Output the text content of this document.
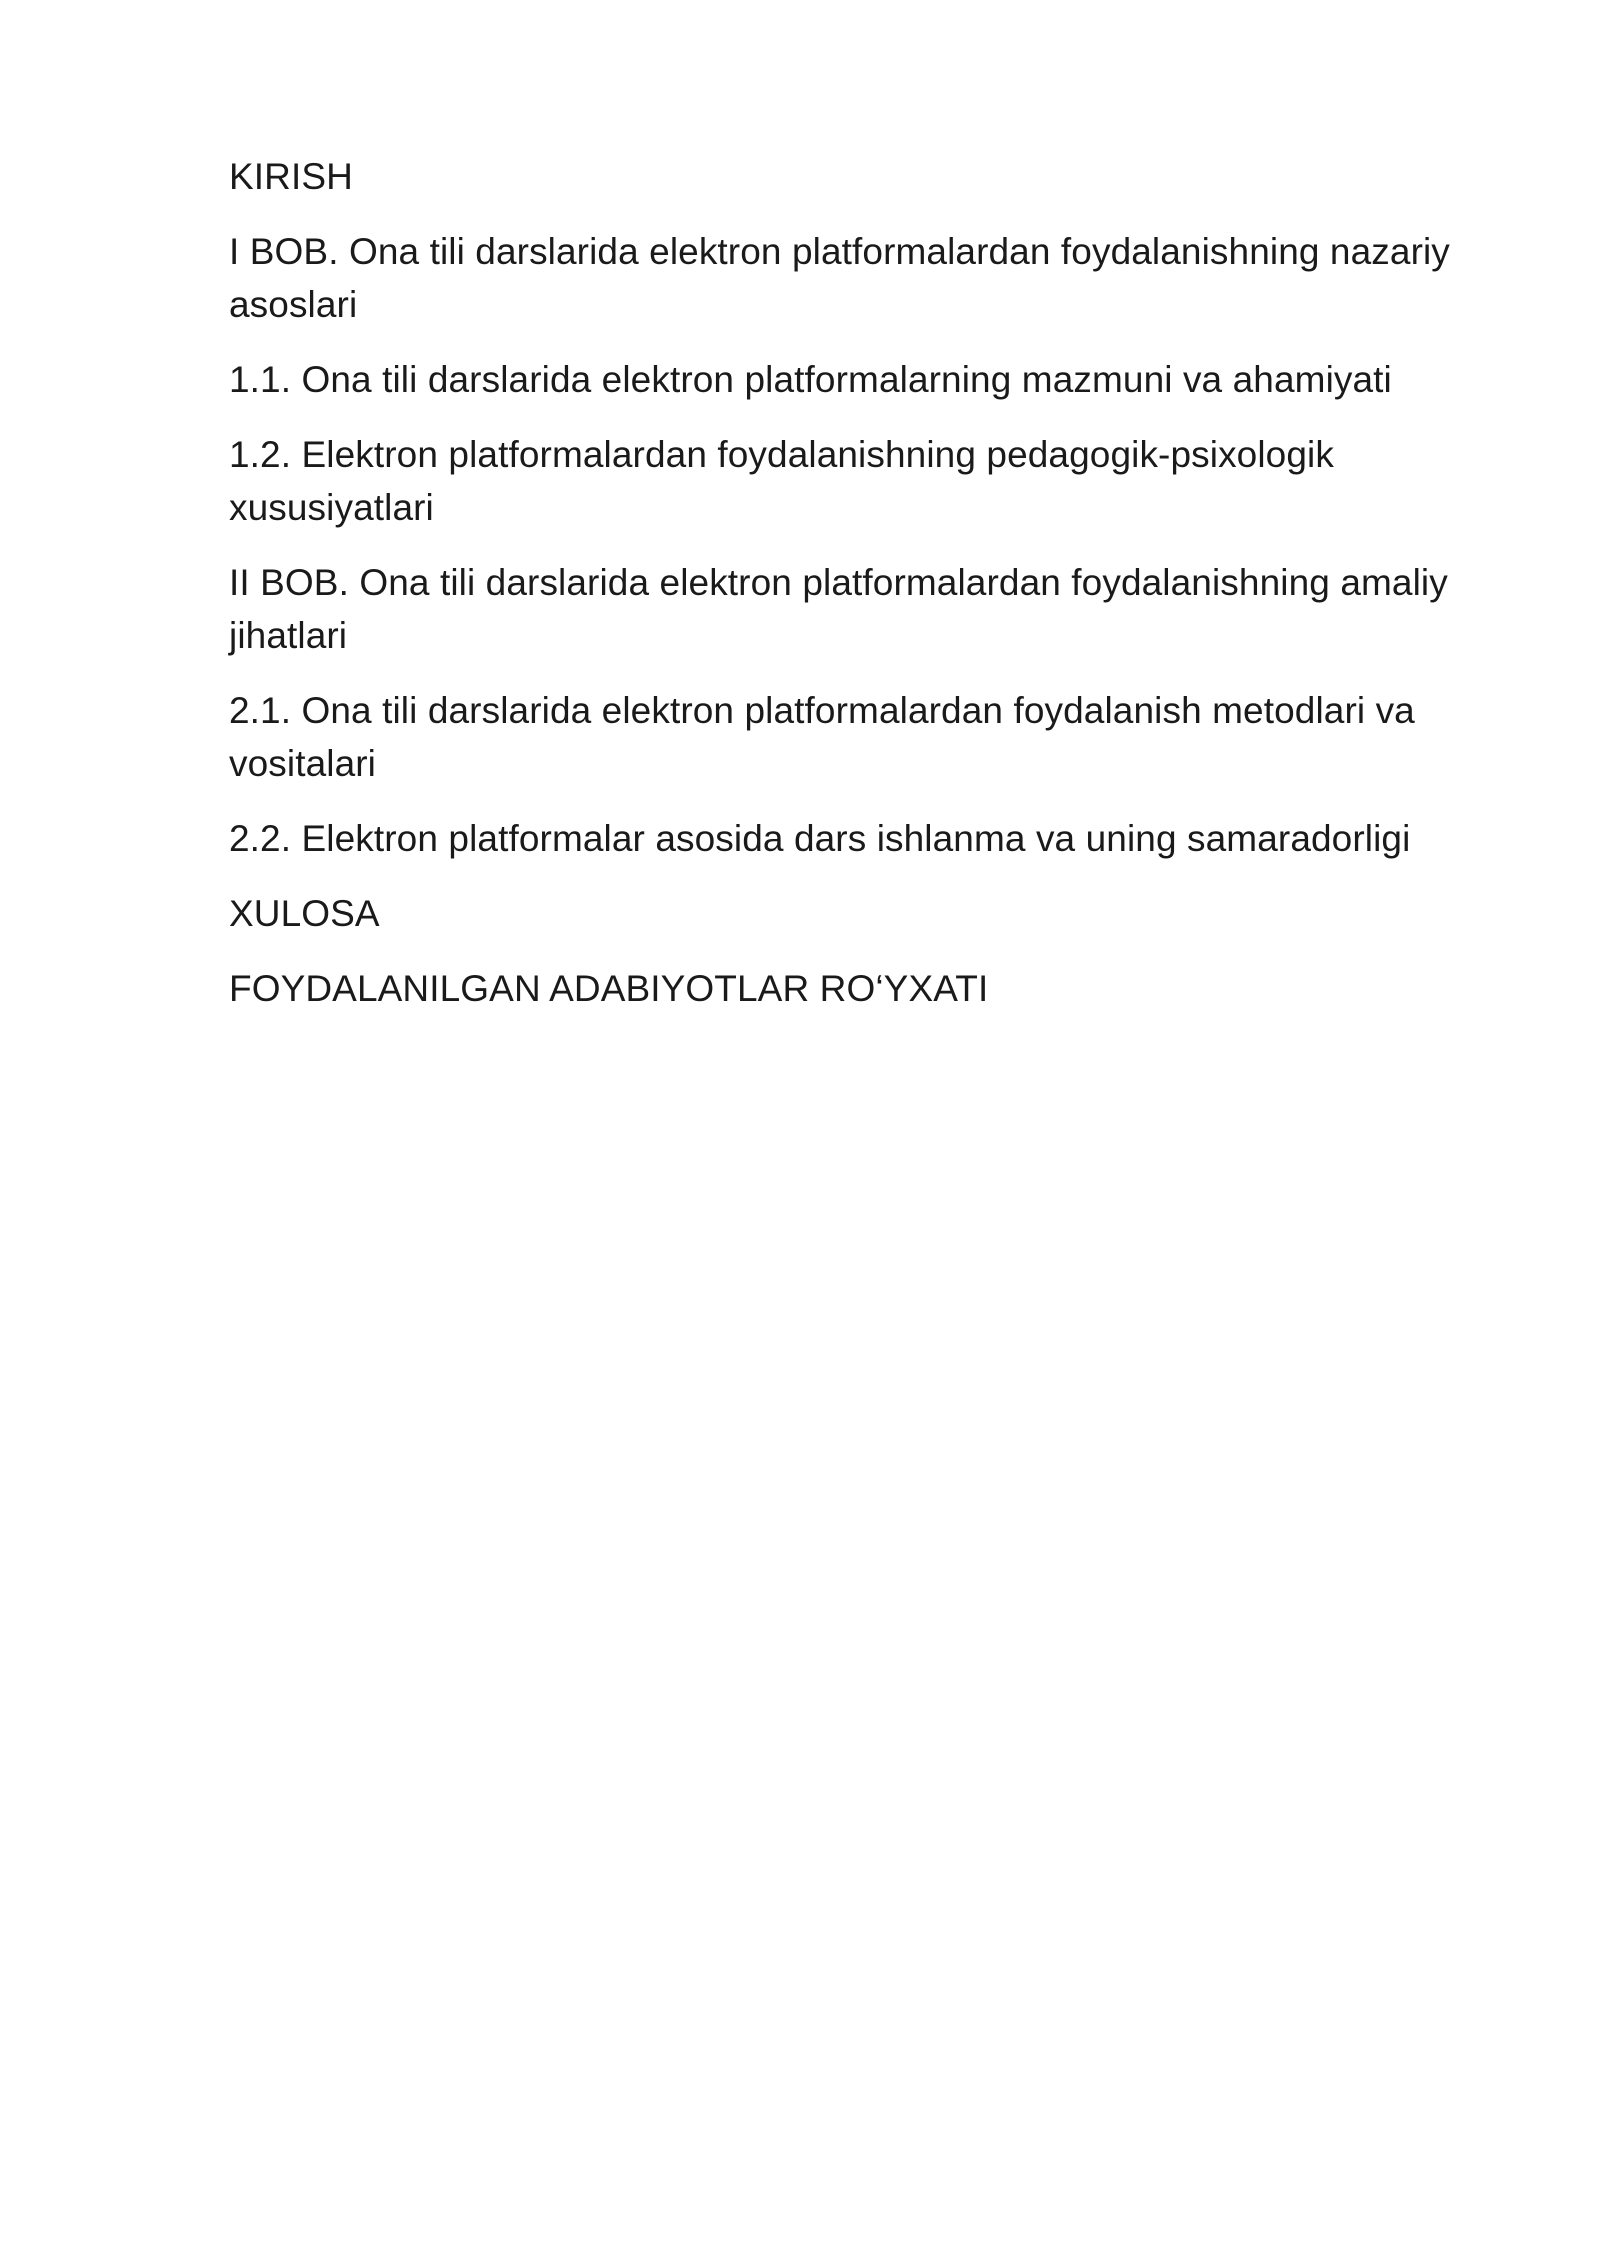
KIRISH
I BOB. Ona tili darslarida elektron platformalardan foydalanishning nazariy asoslari
1.1. Ona tili darslarida elektron platformalarning mazmuni va ahamiyati
1.2. Elektron platformalardan foydalanishning pedagogik-psixologik xususiyatlari
II BOB. Ona tili darslarida elektron platformalardan foydalanishning amaliy jihatlari
2.1. Ona tili darslarida elektron platformalardan foydalanish metodlari va vositalari
2.2. Elektron platformalar asosida dars ishlanma va uning samaradorligi
XULOSA
FOYDALANILGAN ADABIYOTLAR RO‘YXATI
